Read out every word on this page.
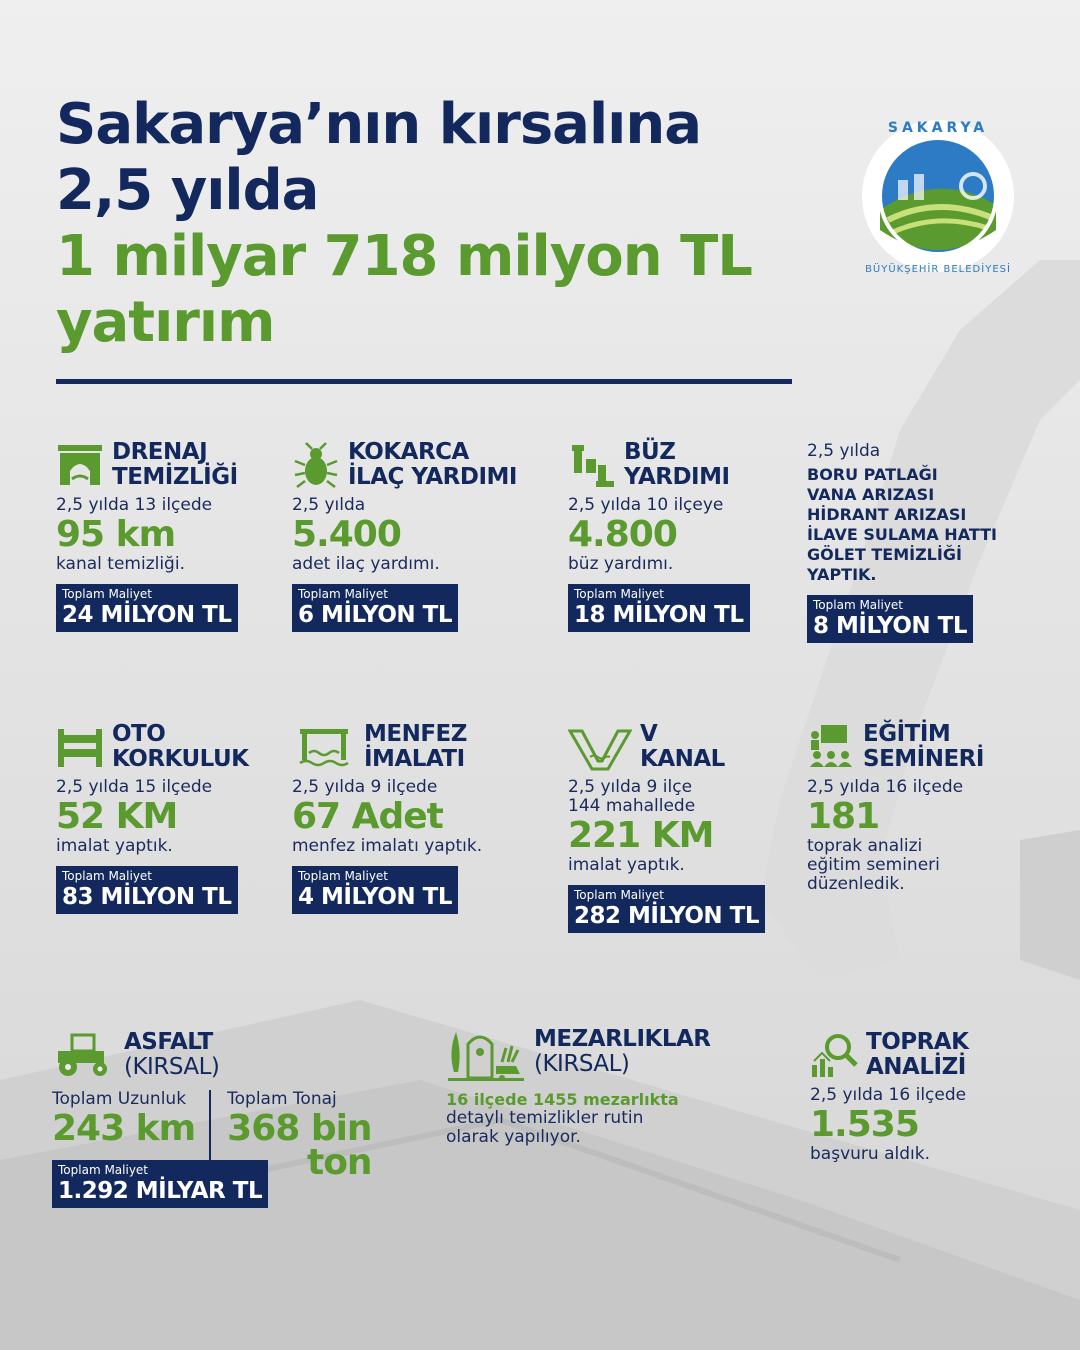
Sakarya’nın kırsalına
2,5 yılda
1 milyar 718 milyon TL
yatırım
SAKARYA
BÜYÜKŞEHİR BELEDİYESİ
DRENAJ
TEMİZLİĞİ
2,5 yılda 13 ilçede
95 km
kanal temizliği.
Toplam Maliyet
24 MİLYON TL
KOKARCA
İLAÇ YARDIMI
2,5 yılda
5.400
adet ilaç yardımı.
Toplam Maliyet
6 MİLYON TL
BÜZ
YARDIMI
2,5 yılda 10 ilçeye
4.800
büz yardımı.
Toplam Maliyet
18 MİLYON TL
2,5 yılda
BORU PATLAĞI
VANA ARIZASI
HİDRANT ARIZASI
İLAVE SULAMA HATTI
GÖLET TEMİZLİĞİ
YAPTIK.
Toplam Maliyet
8 MİLYON TL
OTO
KORKULUK
2,5 yılda 15 ilçede
52 KM
imalat yaptık.
Toplam Maliyet
83 MİLYON TL
MENFEZ
İMALATI
2,5 yılda 9 ilçede
67 Adet
menfez imalatı yaptık.
Toplam Maliyet
4 MİLYON TL
V
KANAL
2,5 yılda 9 ilçe
144 mahallede
221 KM
imalat yaptık.
Toplam Maliyet
282 MİLYON TL
EĞİTİM
SEMİNERİ
2,5 yılda 16 ilçede
181
toprak analizi
eğitim semineri
düzenledik.
ASFALT
(KIRSAL)
Toplam Uzunluk
243 km
Toplam Tonaj
368 bin
ton
Toplam Maliyet
1.292 MİLYAR TL
MEZARLIKLAR
(KIRSAL)
16 ilçede 1455 mezarlıkta
detaylı temizlikler rutin
olarak yapılıyor.
TOPRAK
ANALİZİ
2,5 yılda 16 ilçede
1.535
başvuru aldık.
